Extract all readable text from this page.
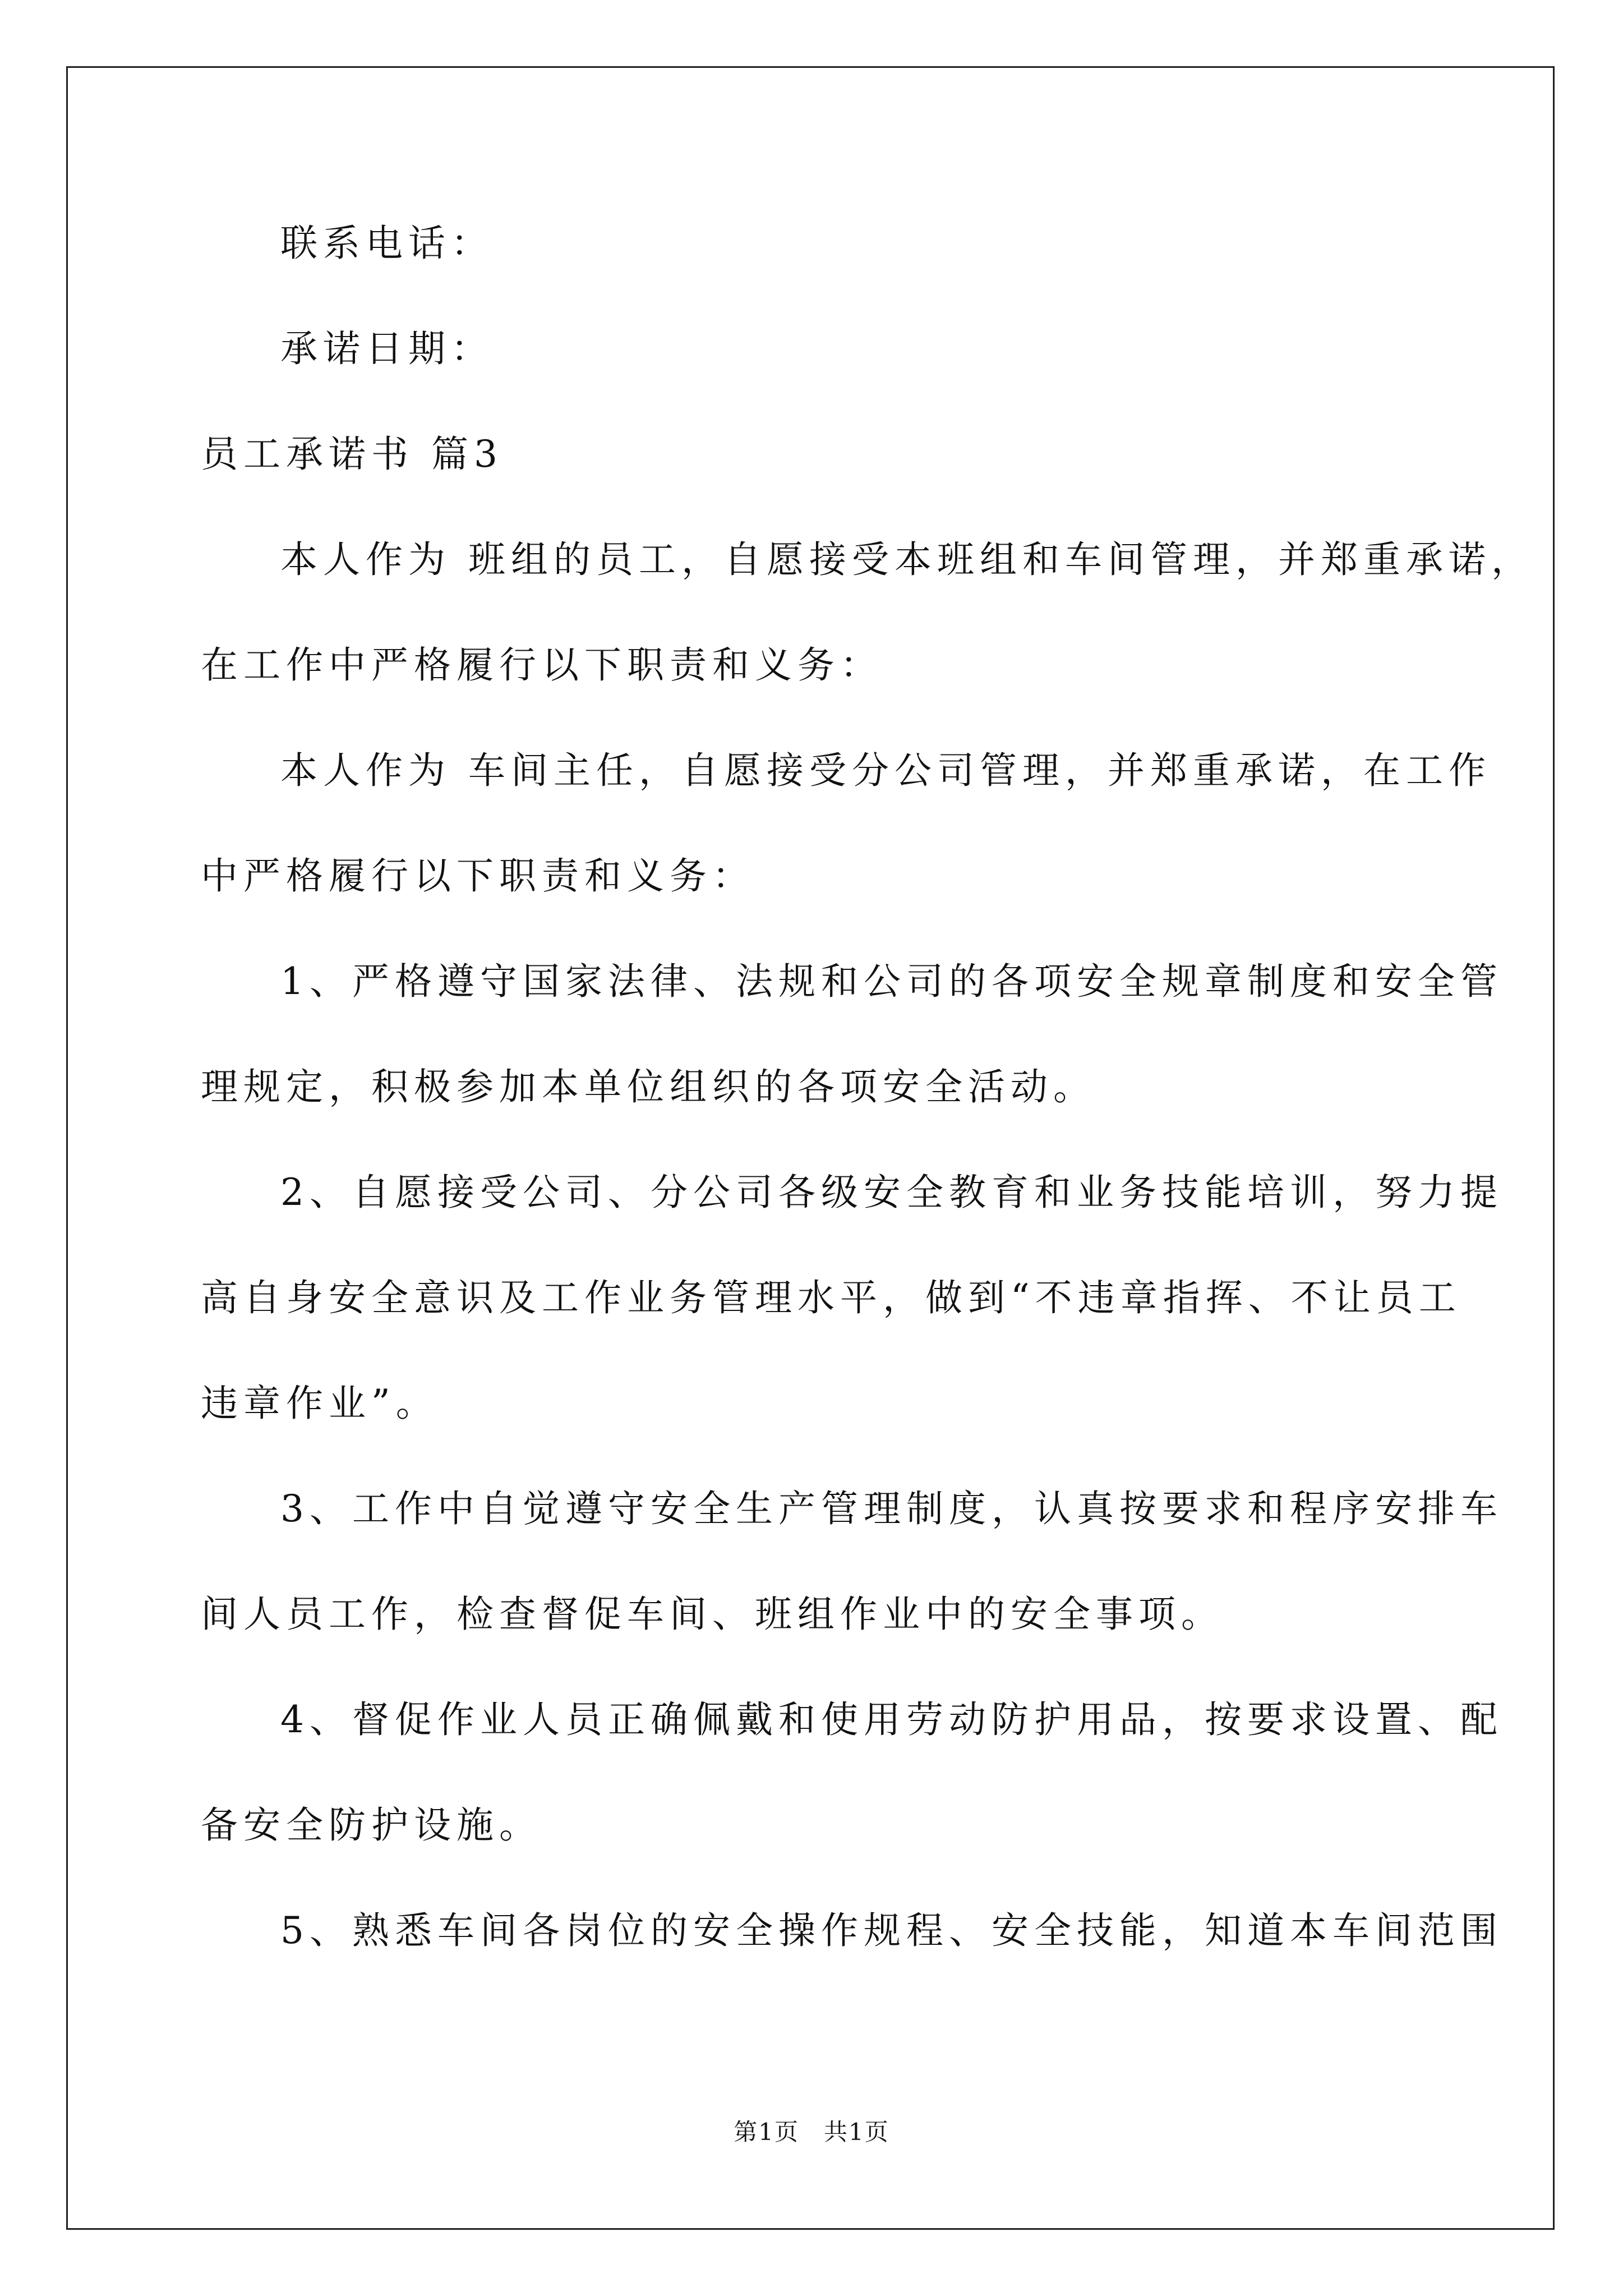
联系电话：

承诺日期：

员工承诺书 篇3

本人作为 班组的员工，自愿接受本班组和车间管理，并郑重承诺，

在工作中严格履行以下职责和义务：

本人作为 车间主任，自愿接受分公司管理，并郑重承诺，在工作

中严格履行以下职责和义务：

1、严格遵守国家法律、法规和公司的各项安全规章制度和安全管

理规定，积极参加本单位组织的各项安全活动。

2、自愿接受公司、分公司各级安全教育和业务技能培训，努力提

高自身安全意识及工作业务管理水平，做到“不违章指挥、不让员工

违章作业”。

3、工作中自觉遵守安全生产管理制度，认真按要求和程序安排车

间人员工作，检查督促车间、班组作业中的安全事项。

4、督促作业人员正确佩戴和使用劳动防护用品，按要求设置、配

备安全防护设施。

5、熟悉车间各岗位的安全操作规程、安全技能，知道本车间范围

第1页　共1页
